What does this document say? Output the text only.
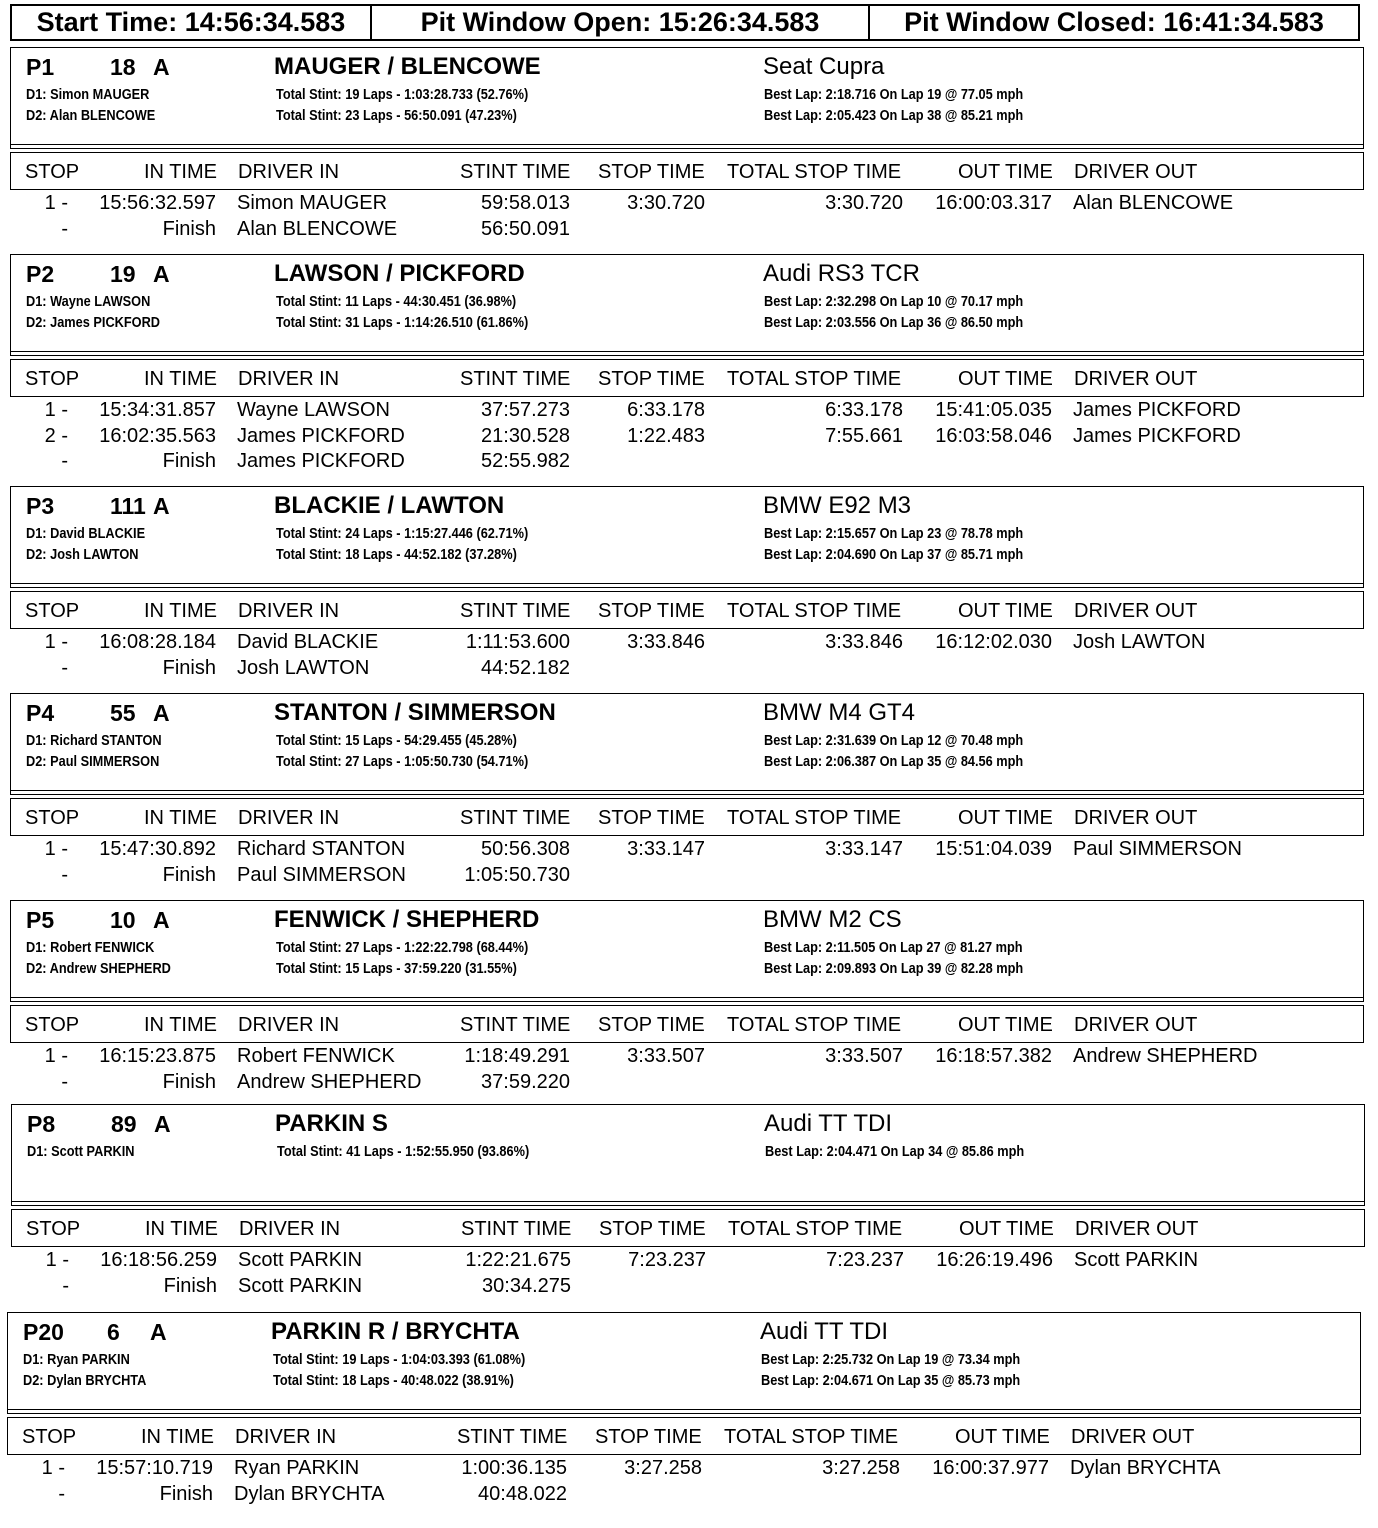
Start Time: 14:56:34.583	Pit Window Open: 15:26:34.583	Pit Window Closed: 16:41:34.583
P1 18 A	MAUGER / BLENCOWE	Seat Cupra
D1: Simon MAUGER
D2: Alan BLENCOWE
Total Stint: 19 Laps - 1:03:28.733 (52.76%)
Total Stint: 23 Laps - 56:50.091 (47.23%)
Best Lap: 2:18.716 On Lap 19 @ 77.05 mph
Best Lap: 2:05.423 On Lap 38 @ 85.21 mph
STOP	IN TIME DRIVER IN	STINT TIME STOP TIME TOTAL STOP TIME	OUT TIME DRIVER OUT
1 -	15:56:32.597 Simon MAUGER	59:58.013	3:30.720	3:30.720	16:00:03.317 Alan BLENCOWE
-	Finish Alan BLENCOWE	56:50.091
P2 19 A	LAWSON / PICKFORD	Audi RS3 TCR
D1: Wayne LAWSON
D2: James PICKFORD
Total Stint: 11 Laps - 44:30.451 (36.98%)
Total Stint: 31 Laps - 1:14:26.510 (61.86%)
Best Lap: 2:32.298 On Lap 10 @ 70.17 mph
Best Lap: 2:03.556 On Lap 36 @ 86.50 mph
STOP	IN TIME DRIVER IN	STINT TIME STOP TIME TOTAL STOP TIME	OUT TIME DRIVER OUT
1 -	15:34:31.857 Wayne LAWSON	37:57.273	6:33.178	6:33.178	15:41:05.035 James PICKFORD
2 -	16:02:35.563 James PICKFORD	21:30.528	1:22.483	7:55.661	16:03:58.046 James PICKFORD
-	Finish James PICKFORD	52:55.982
P3 111 A	BLACKIE / LAWTON	BMW E92 M3
D1: David BLACKIE
D2: Josh LAWTON
Total Stint: 24 Laps - 1:15:27.446 (62.71%)
Total Stint: 18 Laps - 44:52.182 (37.28%)
Best Lap: 2:15.657 On Lap 23 @ 78.78 mph
Best Lap: 2:04.690 On Lap 37 @ 85.71 mph
STOP	IN TIME DRIVER IN	STINT TIME STOP TIME TOTAL STOP TIME	OUT TIME DRIVER OUT
1 -	16:08:28.184 David BLACKIE	1:11:53.600	3:33.846	3:33.846	16:12:02.030 Josh LAWTON
-	Finish Josh LAWTON	44:52.182
P4 55 A	STANTON / SIMMERSON	BMW M4 GT4
D1: Richard STANTON
D2: Paul SIMMERSON
Total Stint: 15 Laps - 54:29.455 (45.28%)
Total Stint: 27 Laps - 1:05:50.730 (54.71%)
Best Lap: 2:31.639 On Lap 12 @ 70.48 mph
Best Lap: 2:06.387 On Lap 35 @ 84.56 mph
STOP	IN TIME DRIVER IN	STINT TIME STOP TIME TOTAL STOP TIME	OUT TIME DRIVER OUT
1 -	15:47:30.892 Richard STANTON	50:56.308	3:33.147	3:33.147	15:51:04.039 Paul SIMMERSON
-	Finish Paul SIMMERSON	1:05:50.730
P5 10 A	FENWICK / SHEPHERD	BMW M2 CS
D1: Robert FENWICK
D2: Andrew SHEPHERD
Total Stint: 27 Laps - 1:22:22.798 (68.44%)
Total Stint: 15 Laps - 37:59.220 (31.55%)
Best Lap: 2:11.505 On Lap 27 @ 81.27 mph
Best Lap: 2:09.893 On Lap 39 @ 82.28 mph
STOP	IN TIME DRIVER IN	STINT TIME STOP TIME TOTAL STOP TIME	OUT TIME DRIVER OUT
1 -	16:15:23.875 Robert FENWICK	1:18:49.291	3:33.507	3:33.507	16:18:57.382 Andrew SHEPHERD
-	Finish Andrew SHEPHERD	37:59.220
P8 89 A	PARKIN S	Audi TT TDI
D1: Scott PARKIN	Total Stint: 41 Laps - 1:52:55.950 (93.86%)	Best Lap: 2:04.471 On Lap 34 @ 85.86 mph
STOP	IN TIME DRIVER IN	STINT TIME STOP TIME TOTAL STOP TIME	OUT TIME DRIVER OUT
1 -	16:18:56.259 Scott PARKIN	1:22:21.675	7:23.237	7:23.237	16:26:19.496 Scott PARKIN
-	Finish Scott PARKIN	30:34.275
P20 6 A	PARKIN R / BRYCHTA	Audi TT TDI
D1: Ryan PARKIN
D2: Dylan BRYCHTA
Total Stint: 19 Laps - 1:04:03.393 (61.08%)
Total Stint: 18 Laps - 40:48.022 (38.91%)
Best Lap: 2:25.732 On Lap 19 @ 73.34 mph
Best Lap: 2:04.671 On Lap 35 @ 85.73 mph
STOP	IN TIME DRIVER IN	STINT TIME STOP TIME TOTAL STOP TIME	OUT TIME DRIVER OUT
1 -	15:57:10.719 Ryan PARKIN	1:00:36.135	3:27.258	3:27.258	16:00:37.977 Dylan BRYCHTA
-	Finish Dylan BRYCHTA	40:48.022
